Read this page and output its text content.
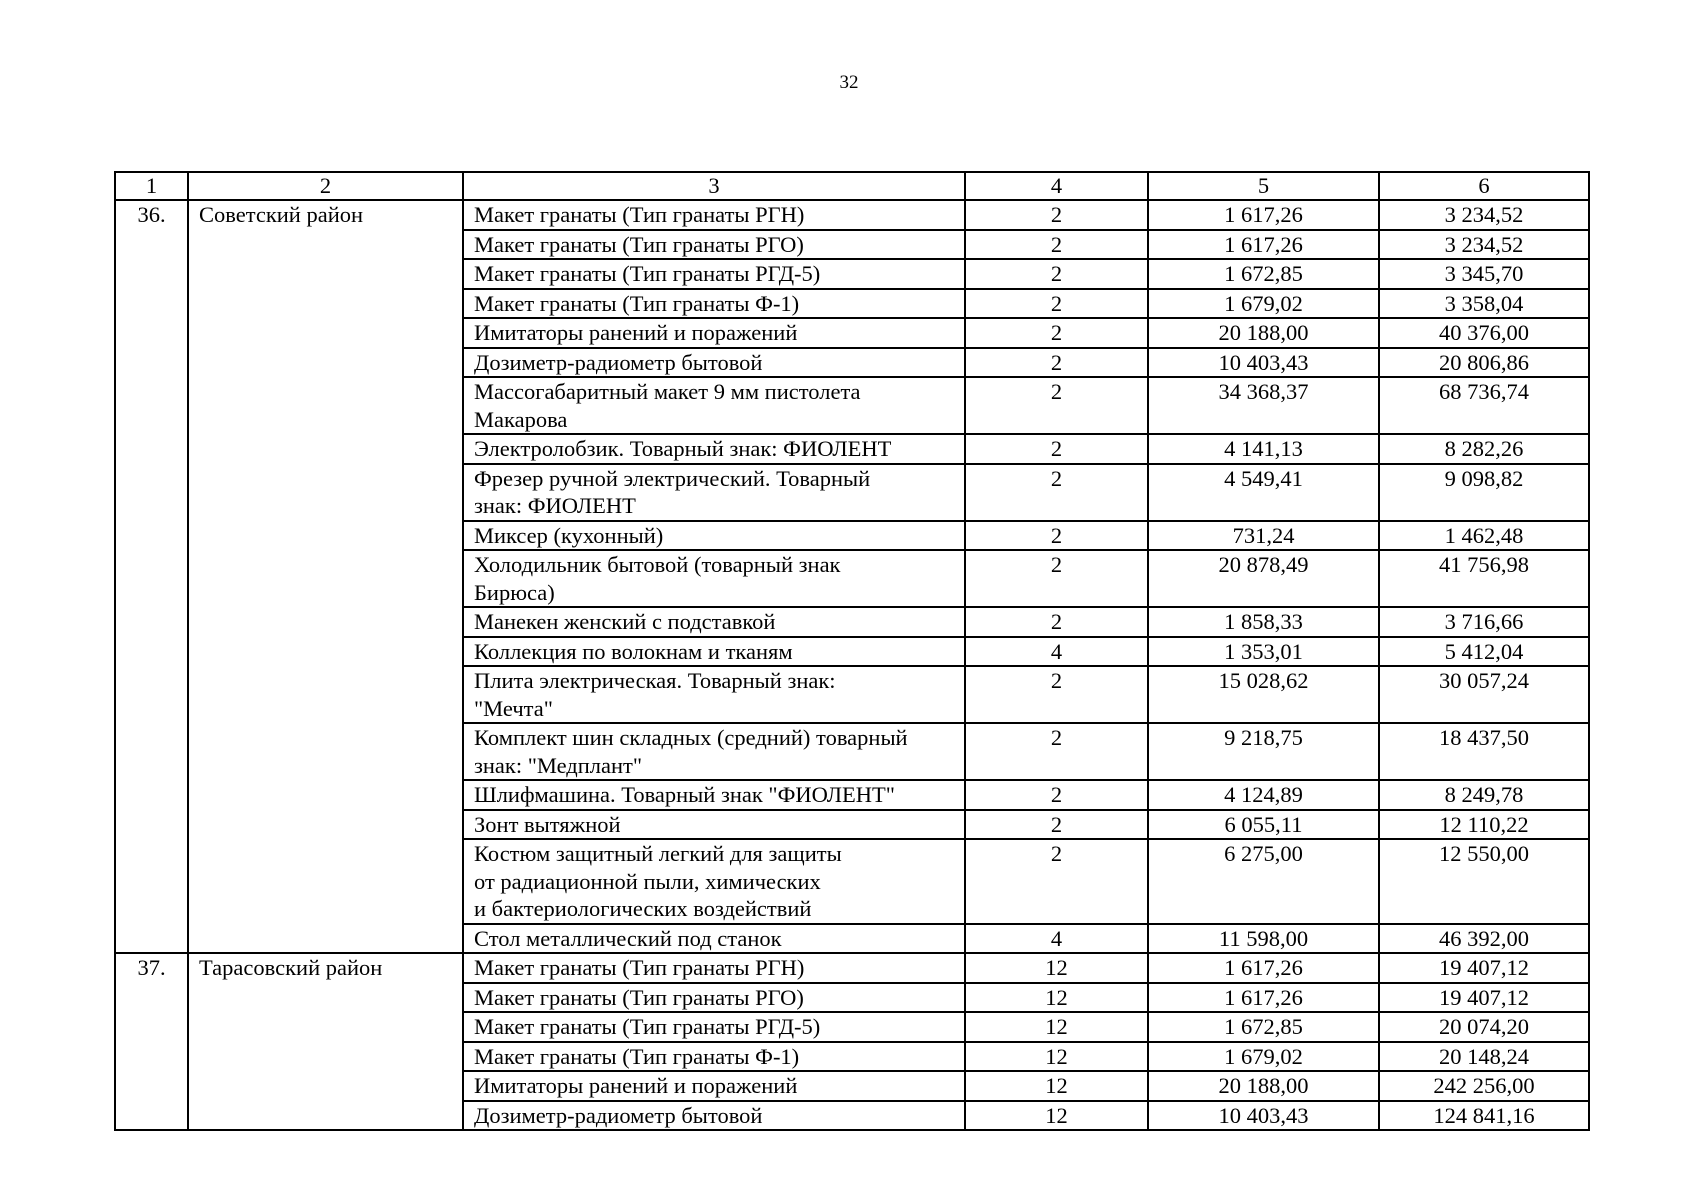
32
1	2	3	4	5	6
36.	Советский район	Макет гранаты (Тип гранаты РГН)	2	1 617,26	3 234,52
		Макет гранаты (Тип гранаты РГО)	2	1 617,26	3 234,52
		Макет гранаты (Тип гранаты РГД-5)	2	1 672,85	3 345,70
		Макет гранаты (Тип гранаты Ф-1)	2	1 679,02	3 358,04
		Имитаторы ранений и поражений	2	20 188,00	40 376,00
		Дозиметр-радиометр бытовой	2	10 403,43	20 806,86
		Массогабаритный макет 9 мм пистолета
Макарова	2	34 368,37	68 736,74
		Электролобзик. Товарный знак: ФИОЛЕНТ	2	4 141,13	8 282,26
		Фрезер ручной электрический. Товарный
знак: ФИОЛЕНТ	2	4 549,41	9 098,82
		Миксер (кухонный)	2	731,24	1 462,48
		Холодильник бытовой (товарный знак
Бирюса)	2	20 878,49	41 756,98
		Манекен женский с подставкой	2	1 858,33	3 716,66
		Коллекция по волокнам и тканям	4	1 353,01	5 412,04
		Плита электрическая. Товарный знак:
"Мечта"	2	15 028,62	30 057,24
		Комплект шин складных (средний) товарный
знак: "Медплант"	2	9 218,75	18 437,50
		Шлифмашина. Товарный знак "ФИОЛЕНТ"	2	4 124,89	8 249,78
		Зонт вытяжной	2	6 055,11	12 110,22
		Костюм защитный легкий для защиты
от радиационной пыли, химических
и бактериологических воздействий	2	6 275,00	12 550,00
		Стол металлический под станок	4	11 598,00	46 392,00
37.	Тарасовский район	Макет гранаты (Тип гранаты РГН)	12	1 617,26	19 407,12
		Макет гранаты (Тип гранаты РГО)	12	1 617,26	19 407,12
		Макет гранаты (Тип гранаты РГД-5)	12	1 672,85	20 074,20
		Макет гранаты (Тип гранаты Ф-1)	12	1 679,02	20 148,24
		Имитаторы ранений и поражений	12	20 188,00	242 256,00
		Дозиметр-радиометр бытовой	12	10 403,43	124 841,16
